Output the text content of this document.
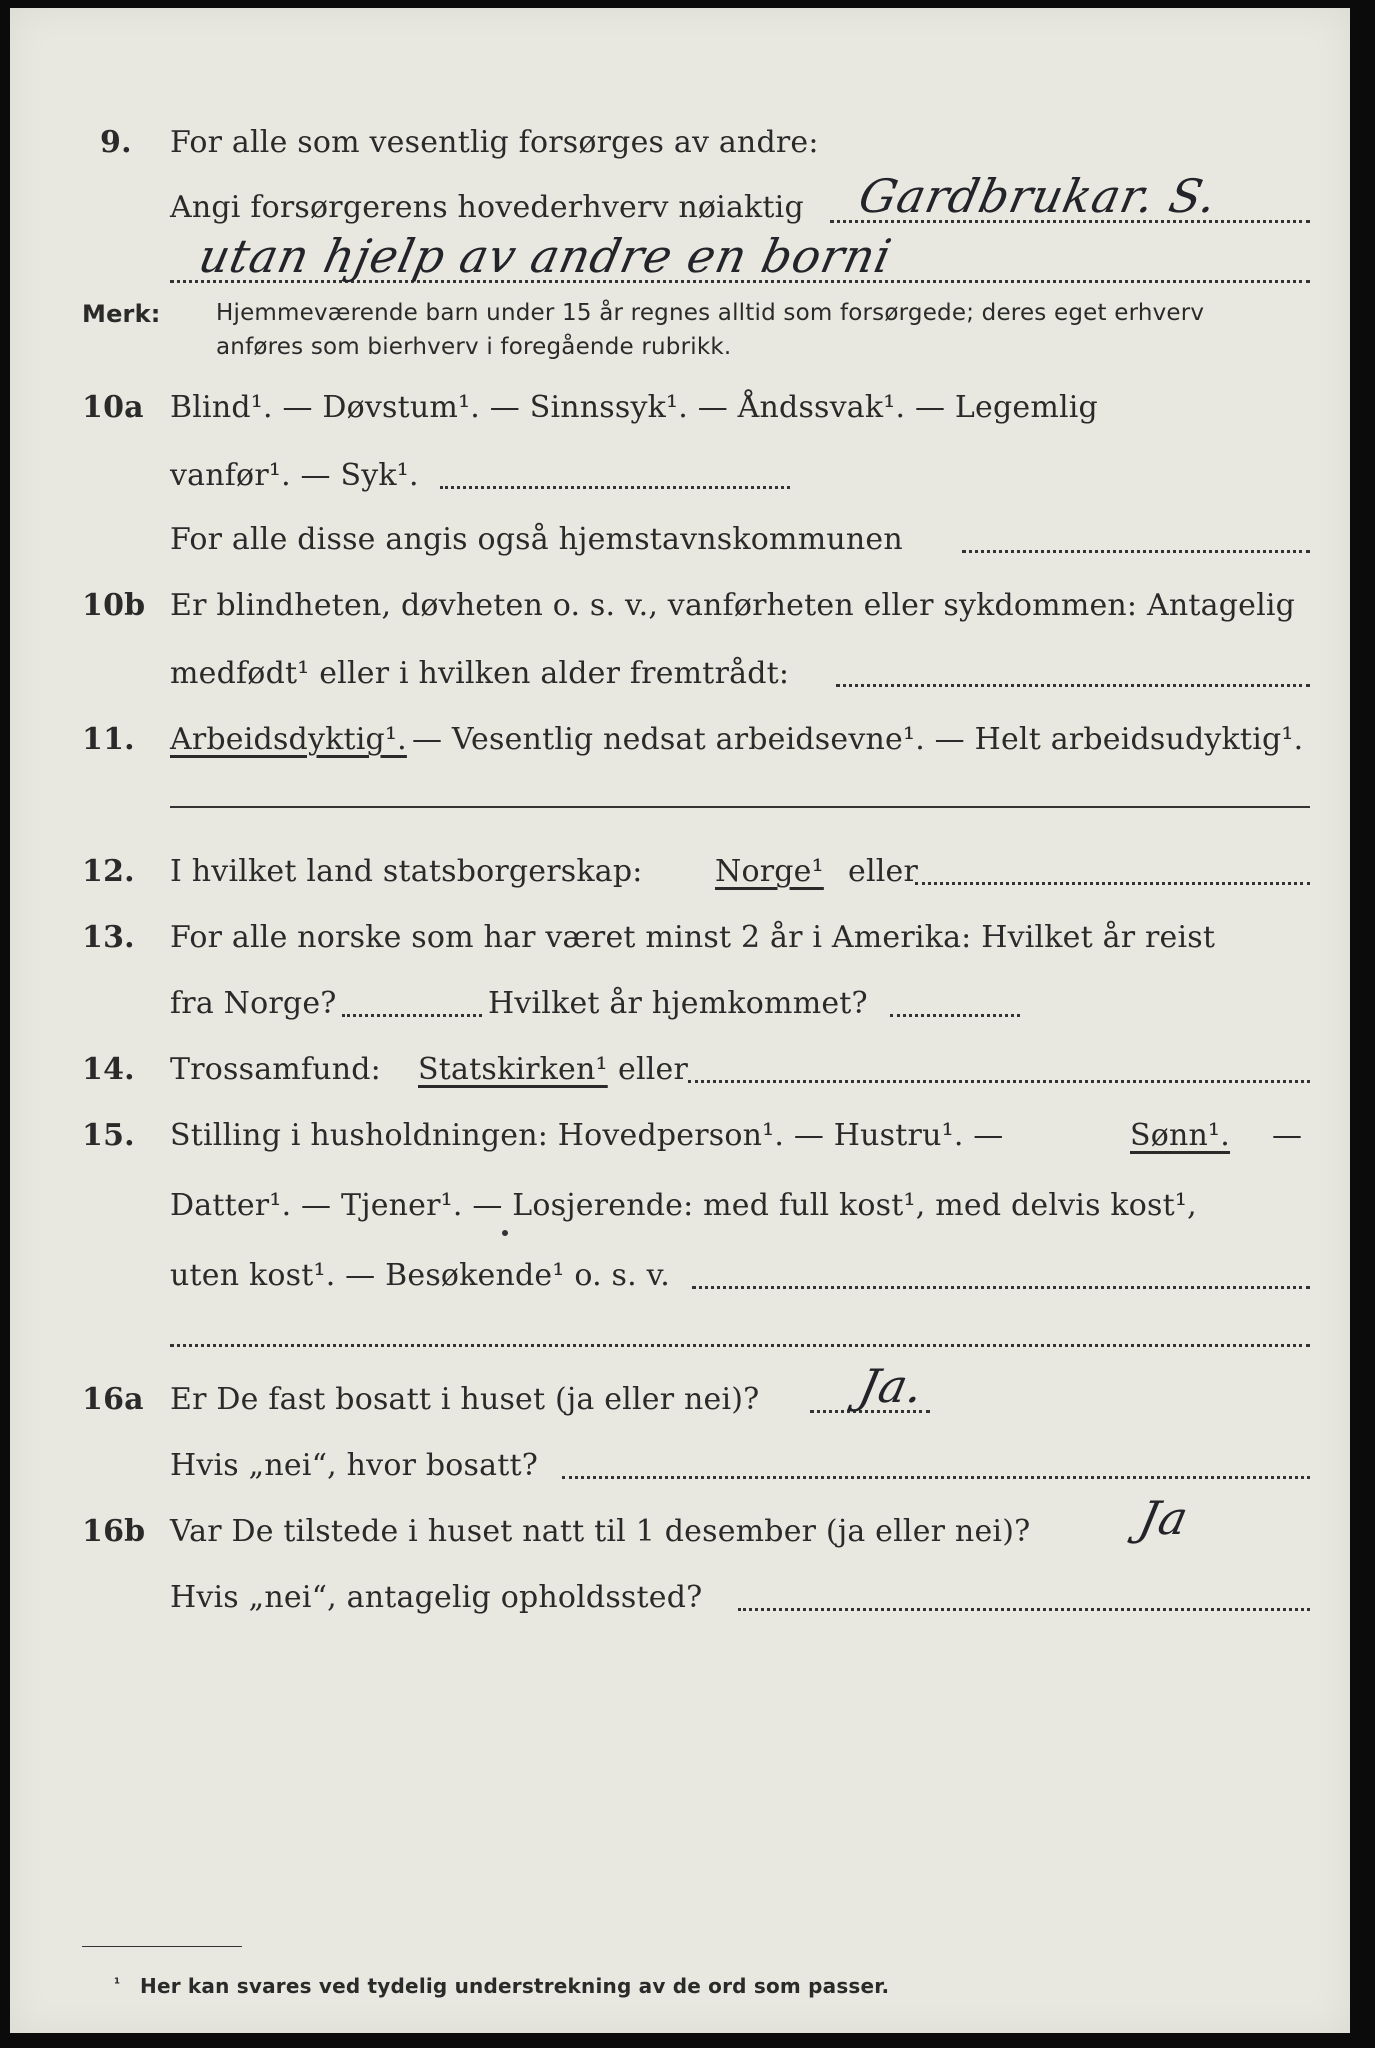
9. For alle som vesentlig forsørges av andre:
Angi forsørgerens hovederhverv nøiaktig Gardbrukar. S.
utan hjelp av andre en borni
Merk: Hjemmeværende barn under 15 år regnes alltid som forsørgede; deres eget erhverv
anføres som bierhverv i foregående rubrikk.
10a Blind¹. — Døvstum¹. — Sinnssyk¹. — Åndssvak¹. — Legemlig
vanfør¹. — Syk¹.
For alle disse angis også hjemstavnskommunen
10b Er blindheten, døvheten o. s. v., vanførheten eller sykdommen: Antagelig
medfødt¹ eller i hvilken alder fremtrådt:
11. Arbeidsdyktig¹. — Vesentlig nedsat arbeidsevne¹. — Helt arbeidsudyktig¹.
12. I hvilket land statsborgerskap: Norge¹ eller
13. For alle norske som har været minst 2 år i Amerika: Hvilket år reist
fra Norge?	Hvilket år hjemkommet?
14. Trossamfund: Statskirken¹ eller
15. Stilling i husholdningen: Hovedperson¹. — Hustru¹. —	Sønn¹. —
Datter¹. — Tjener¹. — Losjerende: med full kost¹, med delvis kost¹,
uten kost¹. — Besøkende¹ o. s. v.
16a Er De fast bosatt i huset (ja eller nei)? Ja.
Hvis „nei“, hvor bosatt?
16b Var De tilstede i huset natt til 1 desember (ja eller nei)? Ja
Hvis „nei“, antagelig opholdssted?
¹ Her kan svares ved tydelig understrekning av de ord som passer.
